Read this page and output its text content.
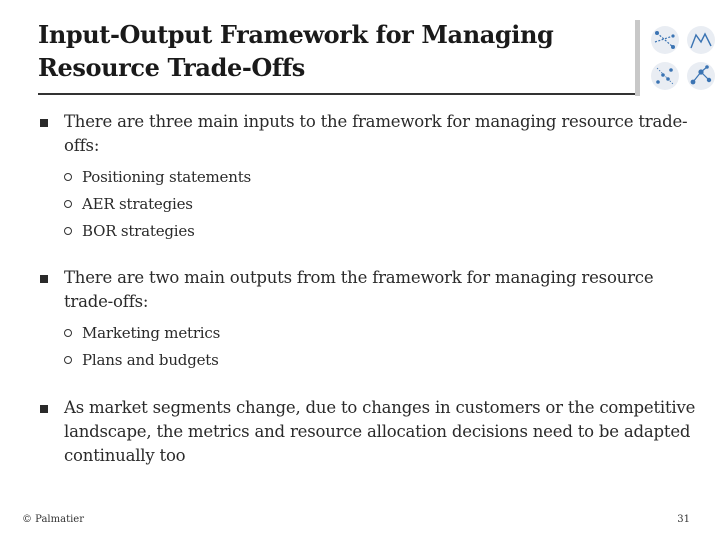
Input-Output Framework for Managing
Resource Trade-Offs
There are three main inputs to the framework for managing resource trade-offs:
Positioning statements
AER strategies
BOR strategies
There are two main outputs from the framework for managing resource trade-offs:
Marketing metrics
Plans and budgets
As market segments change, due to changes in customers or the competitive landscape, the metrics and resource allocation decisions need to be adapted continually too
© Palmatier	31
